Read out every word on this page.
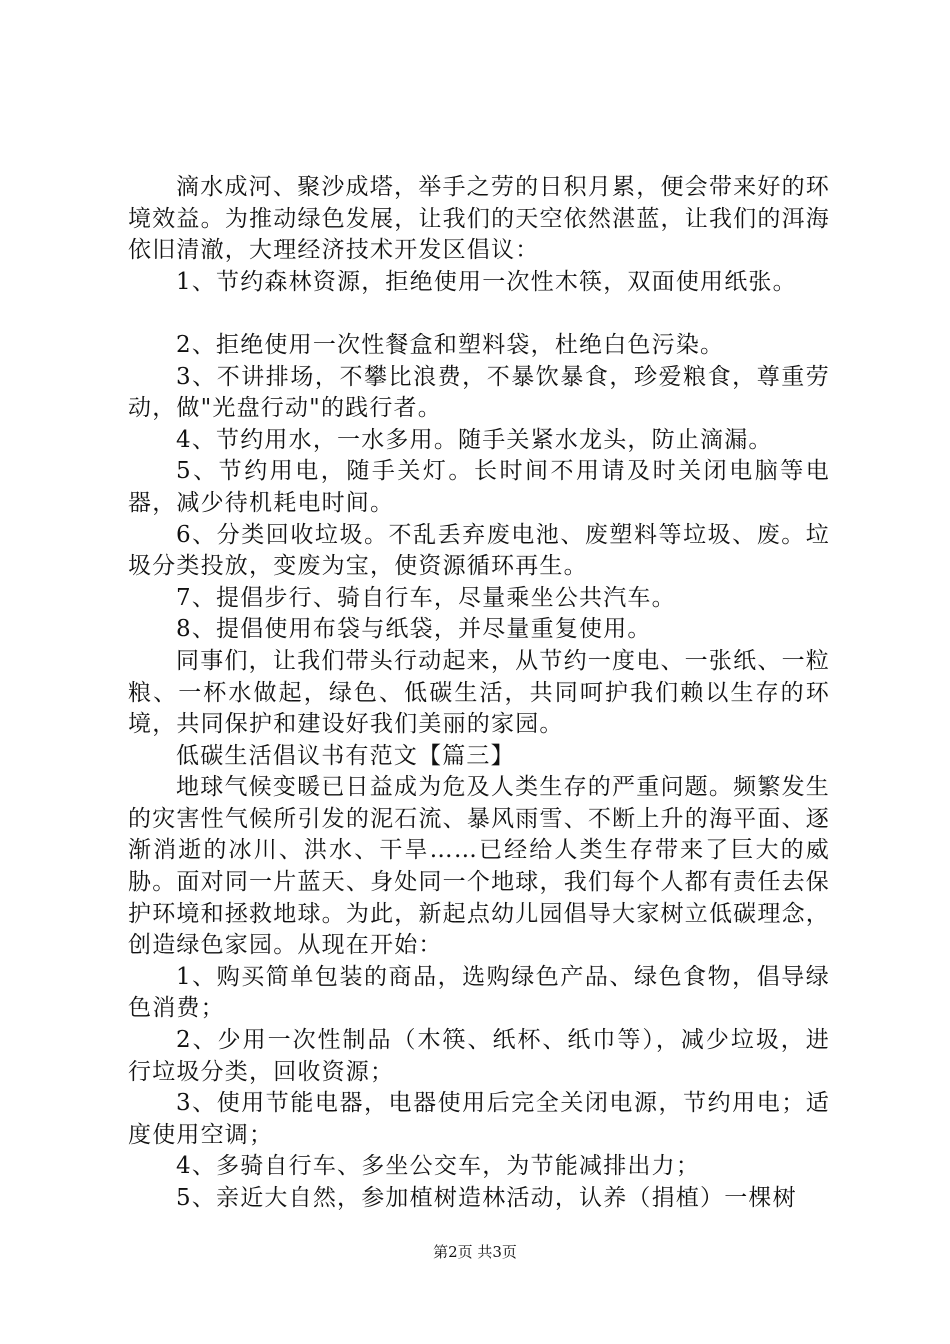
滴水成河、聚沙成塔，举手之劳的日积月累，便会带来好的环境效益。为推动绿色发展，让我们的天空依然湛蓝，让我们的洱海依旧清澈，大理经济技术开发区倡议：

1、节约森林资源，拒绝使用一次性木筷，双面使用纸张。

2、拒绝使用一次性餐盒和塑料袋，杜绝白色污染。

3、不讲排场，不攀比浪费，不暴饮暴食，珍爱粮食，尊重劳动，做"光盘行动"的践行者。

4、节约用水，一水多用。随手关紧水龙头，防止滴漏。

5、节约用电，随手关灯。长时间不用请及时关闭电脑等电器，减少待机耗电时间。

6、分类回收垃圾。不乱丢弃废电池、废塑料等垃圾、废。垃圾分类投放，变废为宝，使资源循环再生。

7、提倡步行、骑自行车，尽量乘坐公共汽车。

8、提倡使用布袋与纸袋，并尽量重复使用。

同事们，让我们带头行动起来，从节约一度电、一张纸、一粒粮、一杯水做起，绿色、低碳生活，共同呵护我们赖以生存的环境，共同保护和建设好我们美丽的家园。

低碳生活倡议书有范文【篇三】

地球气候变暖已日益成为危及人类生存的严重问题。频繁发生的灾害性气候所引发的泥石流、暴风雨雪、不断上升的海平面、逐渐消逝的冰川、洪水、干旱……已经给人类生存带来了巨大的威胁。面对同一片蓝天、身处同一个地球，我们每个人都有责任去保护环境和拯救地球。为此，新起点幼儿园倡导大家树立低碳理念，创造绿色家园。从现在开始：

1、购买简单包装的商品，选购绿色产品、绿色食物，倡导绿色消费；

2、少用一次性制品（木筷、纸杯、纸巾等），减少垃圾，进行垃圾分类，回收资源；

3、使用节能电器，电器使用后完全关闭电源，节约用电；适度使用空调；

4、多骑自行车、多坐公交车，为节能减排出力；

5、亲近大自然，参加植树造林活动，认养（捐植）一棵树

第2页 共3页
